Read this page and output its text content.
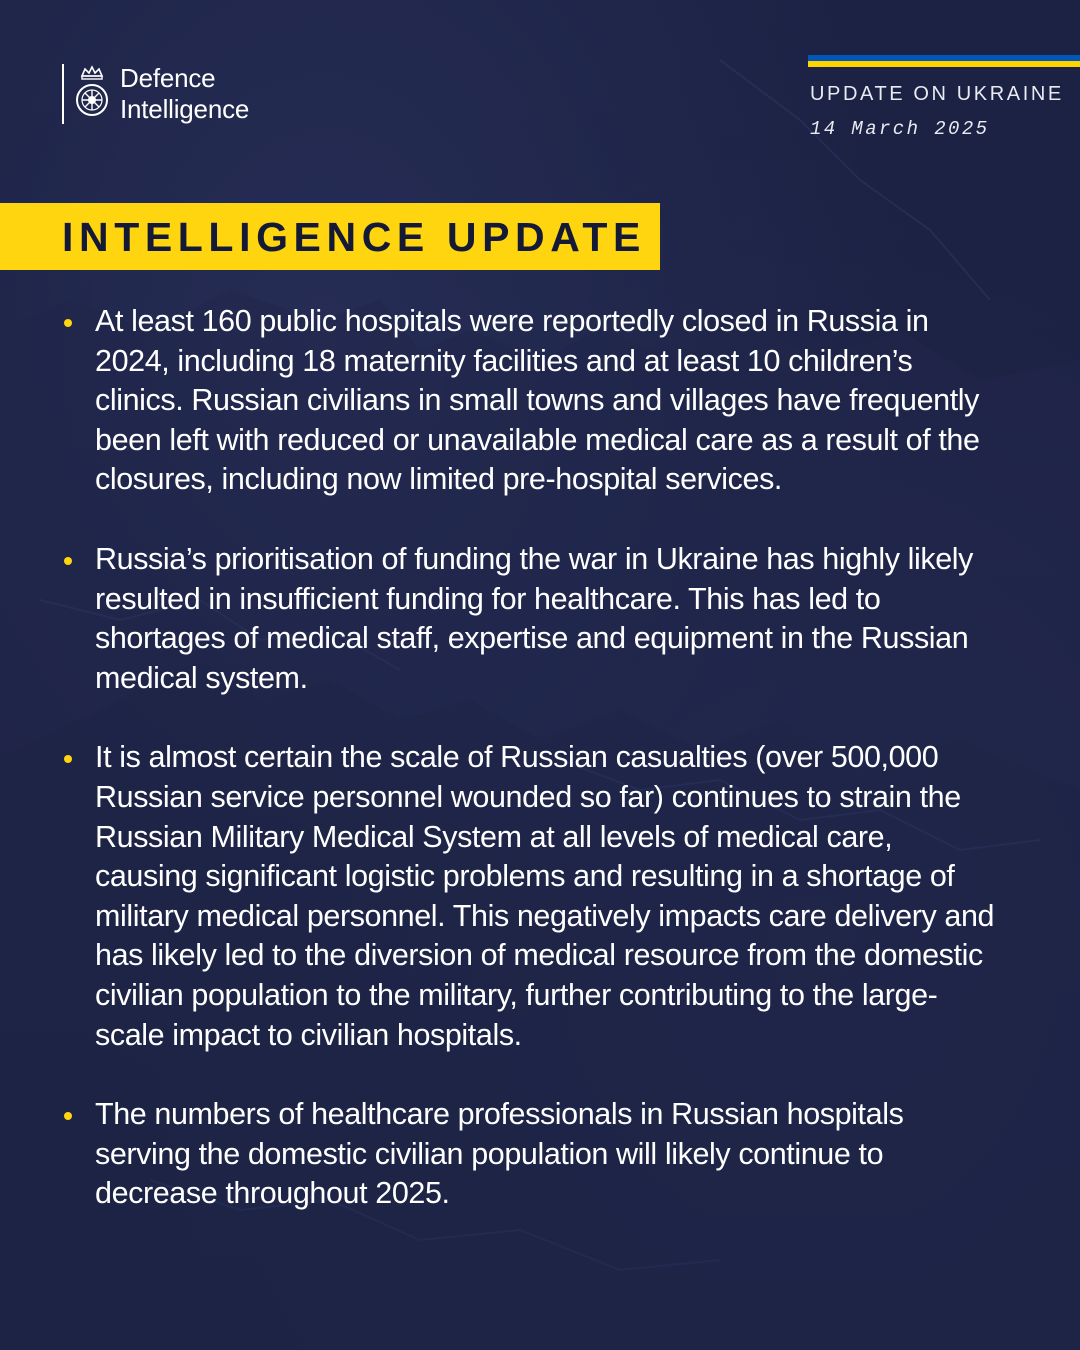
Defence
Intelligence	UPDATE ON UKRAINE
14 March 2025
INTELLIGENCE UPDATE
At least 160 public hospitals were reportedly closed in Russia in 2024, including 18 maternity facilities and at least 10 children’s clinics. Russian civilians in small towns and villages have frequently been left with reduced or unavailable medical care as a result of the closures, including now limited pre-hospital services.
Russia’s prioritisation of funding the war in Ukraine has highly likely resulted in insufficient funding for healthcare. This has led to shortages of medical staff, expertise and equipment in the Russian medical system.
It is almost certain the scale of Russian casualties (over 500,000 Russian service personnel wounded so far) continues to strain the Russian Military Medical System at all levels of medical care, causing significant logistic problems and resulting in a shortage of military medical personnel. This negatively impacts care delivery and has likely led to the diversion of medical resource from the domestic civilian population to the military, further contributing to the large-scale impact to civilian hospitals.
The numbers of healthcare professionals in Russian hospitals serving the domestic civilian population will likely continue to decrease throughout 2025.
